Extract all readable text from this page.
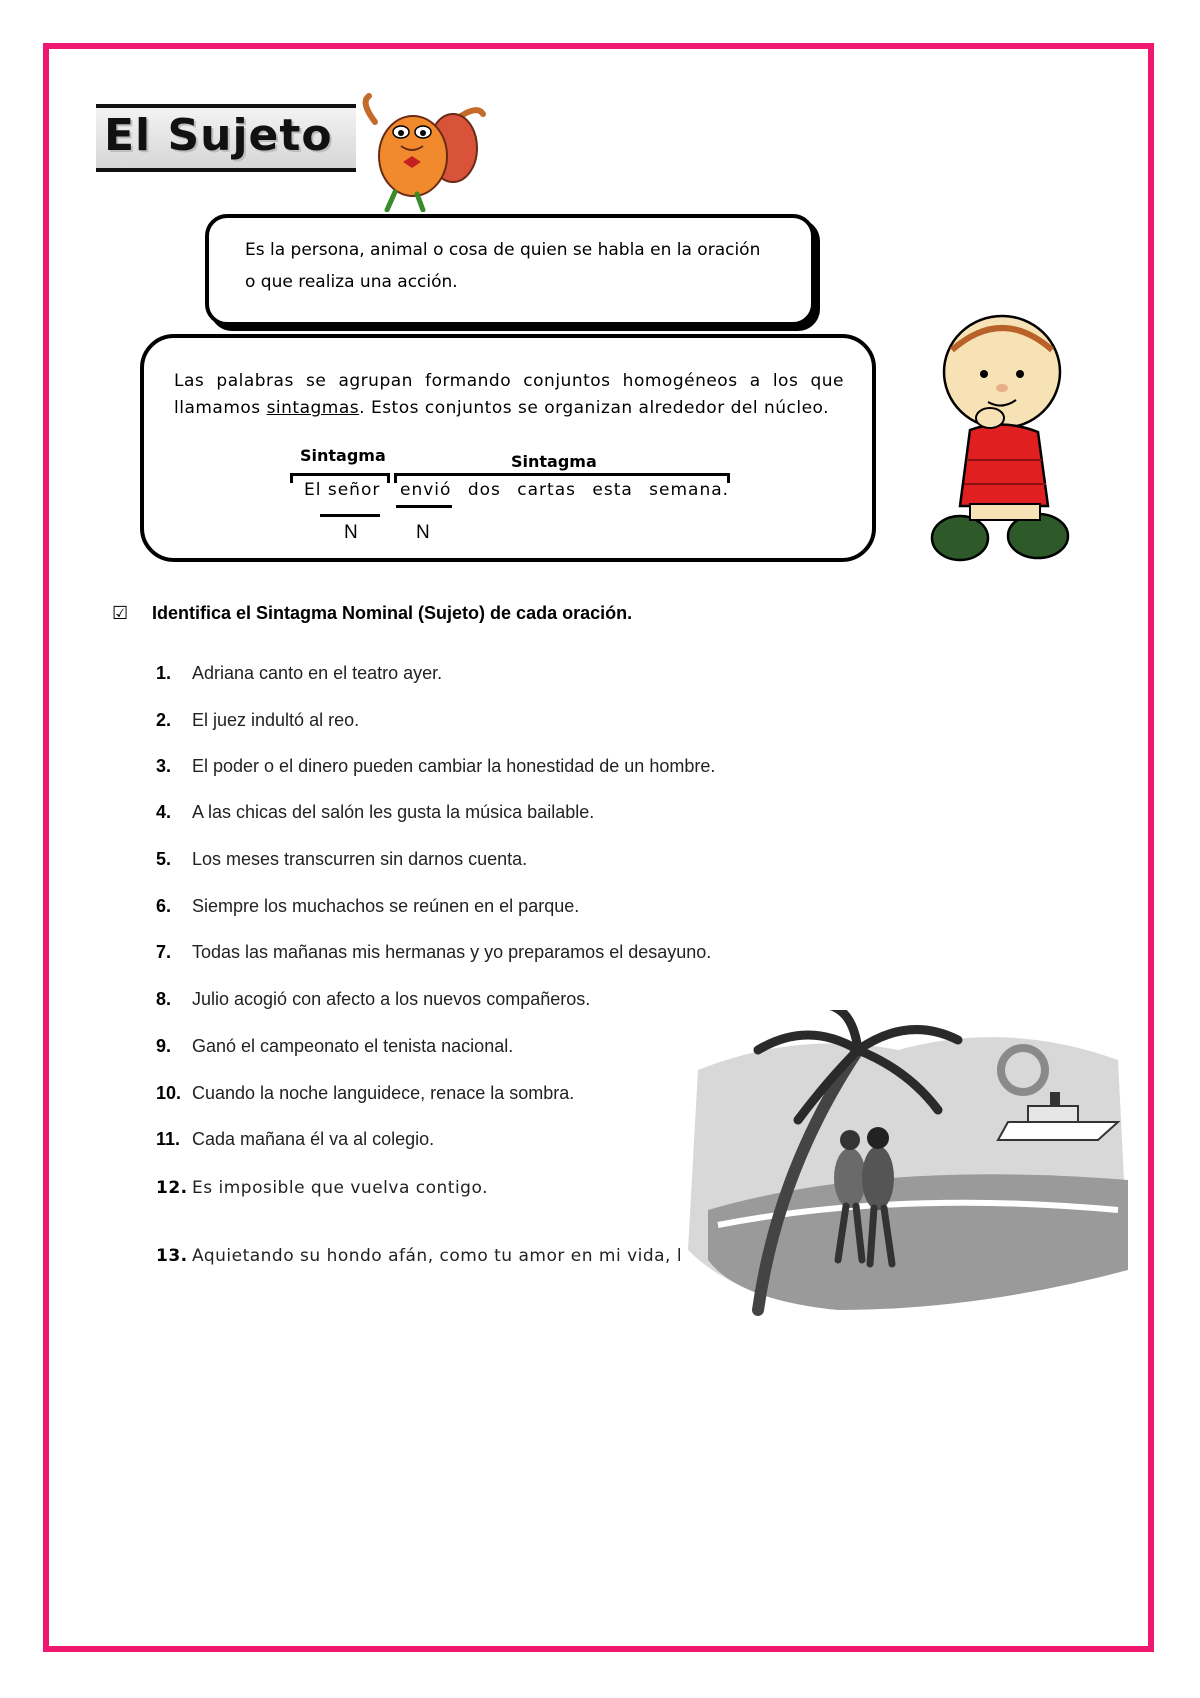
El Sujeto
Es la persona, animal o cosa de quien se habla en la oración
o que realiza una acción.
Las palabras se agrupan formando conjuntos homogéneos a los que llamamos sintagmas. Estos conjuntos se organizan alrededor del núcleo.
Sintagma	Sintagma
El señor envió dos cartas esta semana.
N	N
☑ Identifica el Sintagma Nominal (Sujeto) de cada oración.
1. Adriana canto en el teatro ayer.
2. El juez indultó al reo.
3. El poder o el dinero pueden cambiar la honestidad de un hombre.
4. A las chicas del salón les gusta la música bailable.
5. Los meses transcurren sin darnos cuenta.
6. Siempre los muchachos se reúnen en el parque.
7. Todas las mañanas mis hermanas y yo preparamos el desayuno.
8. Julio acogió con afecto a los nuevos compañeros.
9. Ganó el campeonato el tenista nacional.
10. Cuando la noche languidece, renace la sombra.
11. Cada mañana él va al colegio.
12. Es imposible que vuelva contigo.
13. Aquietando su hondo afán, como tu amor en mi vida, l
